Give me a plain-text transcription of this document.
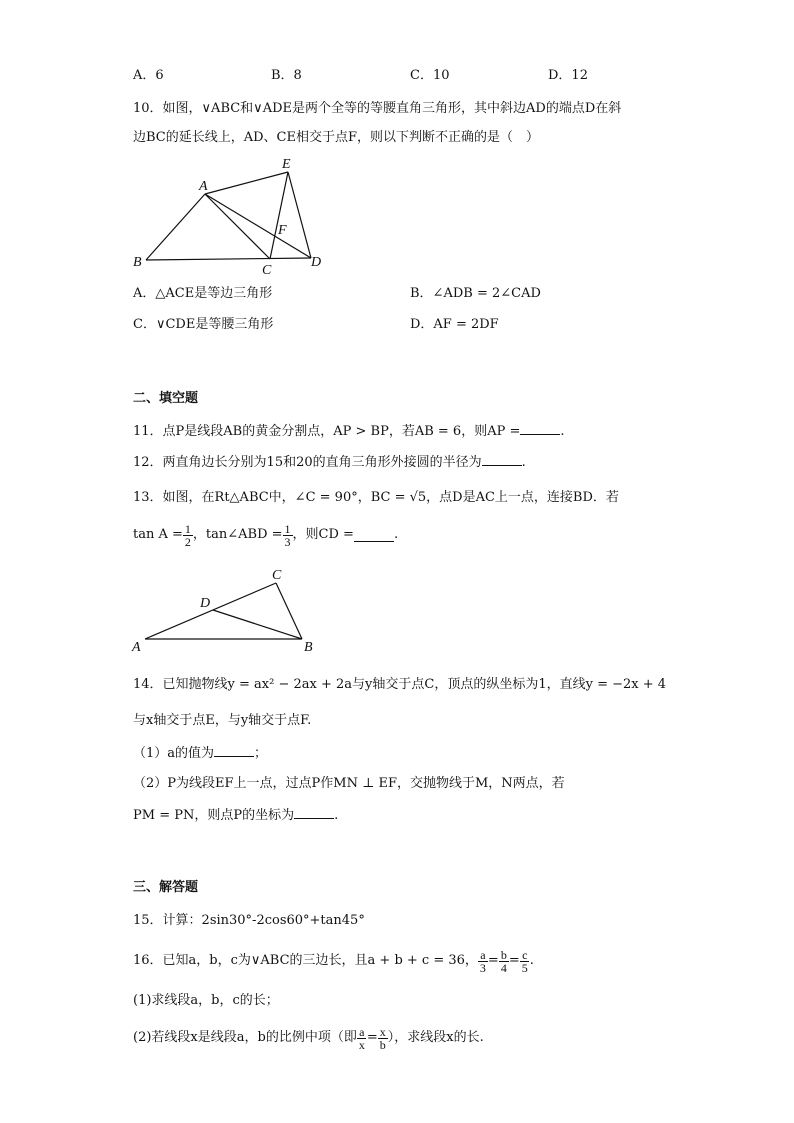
A．6	B．8	C．10	D．12
10．如图，∨ABC和∨ADE是两个全等的等腰直角三角形，其中斜边AD的端点D在斜
边BC的延长线上，AD、CE相交于点F，则以下判断不正确的是（　）
A
B
C
D
E
F
A．△ACE是等边三角形	B．∠ADB = 2∠CAD
C．∨CDE是等腰三角形	D．AF = 2DF
二、填空题
11．点P是线段AB的黄金分割点，AP > BP，若AB = 6，则AP =	.
12．两直角边长分别为15和20的直角三角形外接圆的半径为	.
13．如图，在Rt△ABC中，∠C = 90°，BC = √5，点D是AC上一点，连接BD．若
$\tan A = \frac{1}{2}$ ，tan∠ABD = $\frac{1}{3}$ ，则CD =	.
A	B
C
D
14．已知抛物线y = ax² − 2ax + 2a与y轴交于点C，顶点的纵坐标为1，直线y = −2x + 4
与x轴交于点E，与y轴交于点F.
（1）a的值为	；
（2）P为线段EF上一点，过点P作MN ⊥ EF，交抛物线于M，N两点，若
PM = PN，则点P的坐标为	.
三、解答题
15．计算：2sin30°-2cos60°+tan45°
16．已知a，b，c为∨ABC的三边长，且a + b + c = 36， $\frac{a}{3} = \frac{b}{4} = \frac{c}{5}$ .
(1)求线段a，b，c的长；
(2)若线段x是线段a，b的比例中项（即 $\frac{a}{x} = \frac{x}{b}$ ），求线段x的长.
